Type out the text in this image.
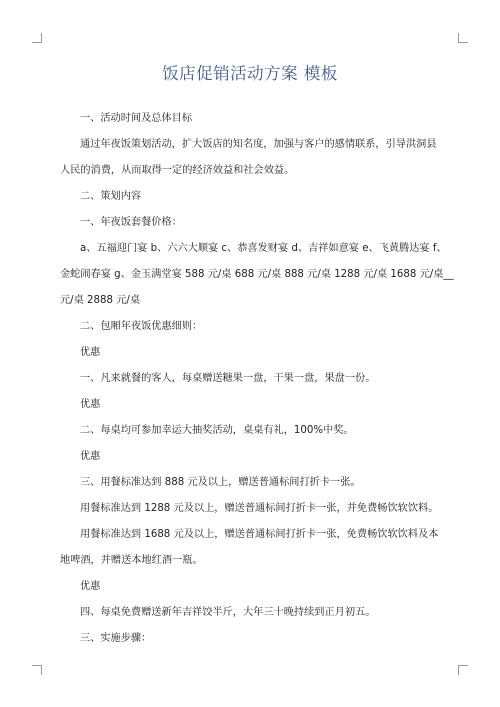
饭店促销活动方案 模板
一、活动时间及总体目标
通过年夜饭策划活动，扩大饭店的知名度，加强与客户的感情联系，引导洪洞县
人民的消费，从而取得一定的经济效益和社会效益。
二、策划内容
一、年夜饭套餐价格：
a、五福迎门宴 b、六六大顺宴 c、恭喜发财宴 d、吉祥如意宴 e、飞黄腾达宴 f、
金蛇闹春宴 g、金玉满堂宴 588 元/桌 688 元/桌 888 元/桌 1288 元/桌 1688 元/桌__
元/桌 2888 元/桌
二、包厢年夜饭优惠细则：
优惠
一、凡来就餐的客人，每桌赠送糖果一盘，干果一盘，果盘一份。
优惠
二、每桌均可参加幸运大抽奖活动，桌桌有礼，100%中奖。
优惠
三、用餐标准达到 888 元及以上，赠送普通标间打折卡一张。
用餐标准达到 1288 元及以上，赠送普通标间打折卡一张，并免费畅饮软饮料。
用餐标准达到 1688 元及以上，赠送普通标间打折卡一张，免费畅饮软饮料及本
地啤酒，并赠送本地红酒一瓶。
优惠
四、每桌免费赠送新年吉祥饺半斤，大年三十晚持续到正月初五。
三、实施步骤：
